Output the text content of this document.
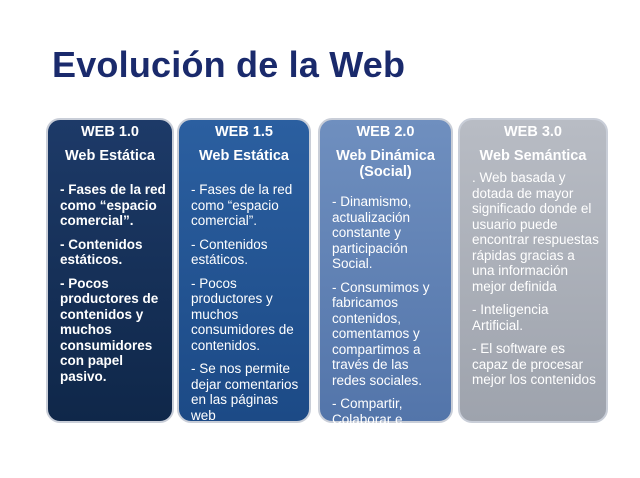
Evolución de la Web
WEB 1.0
Web Estática
- Fases de la red como “espacio comercial”.
- Contenidos estáticos.
- Pocos productores de contenidos y muchos consumidores con papel pasivo.
WEB 1.5
Web Estática
- Fases de la red como “espacio comercial”.
- Contenidos estáticos.
- Pocos productores y muchos consumidores de contenidos.
- Se nos permite dejar comentarios en las páginas web
WEB 2.0
Web Dinámica (Social)
- Dinamismo, actualización constante y participación Social.
- Consumimos y fabricamos contenidos, comentamos y compartimos a través de las redes sociales.
- Compartir, Colaborar e Interactuar.
WEB 3.0
Web Semántica
. Web basada y dotada de mayor significado donde el usuario puede encontrar respuestas rápidas gracias a una información mejor definida
- Inteligencia Artificial.
- El software es capaz de procesar mejor los contenidos
